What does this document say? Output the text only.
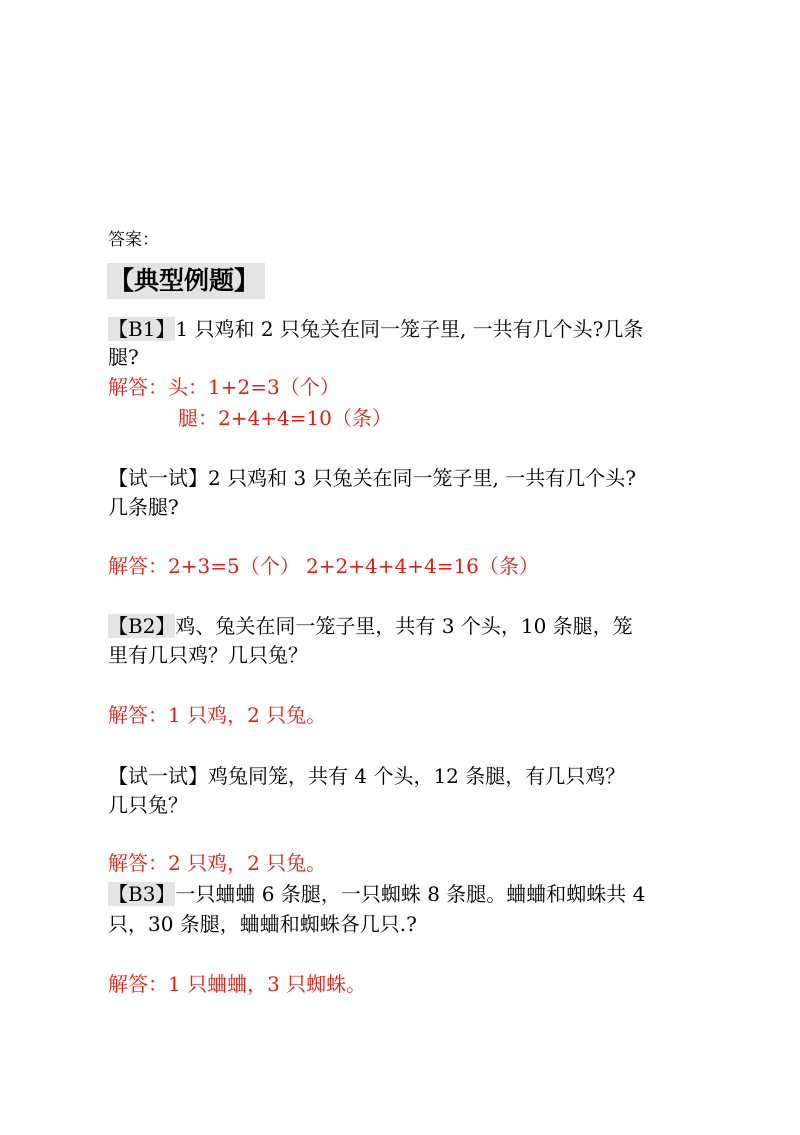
答案：
【典型例题】
【B1】1 只鸡和 2 只兔关在同一笼子里, 一共有几个头?几条
腿?
解答：头：1+2=3（个）
腿：2+4+4=10（条）
【试一试】2 只鸡和 3 只兔关在同一笼子里, 一共有几个头?
几条腿?
解答：2+3=5（个） 2+2+4+4+4=16（条）
【B2】鸡、兔关在同一笼子里，共有 3 个头，10 条腿，笼
里有几只鸡？几只兔？
解答：1 只鸡，2 只兔。
【试一试】鸡兔同笼，共有 4 个头，12 条腿，有几只鸡？
几只兔？
解答：2 只鸡，2 只兔。
【B3】一只蛐蛐 6 条腿，一只蜘蛛 8 条腿。蛐蛐和蜘蛛共 4
只，30 条腿，蛐蛐和蜘蛛各几只.?
解答：1 只蛐蛐，3 只蜘蛛。
